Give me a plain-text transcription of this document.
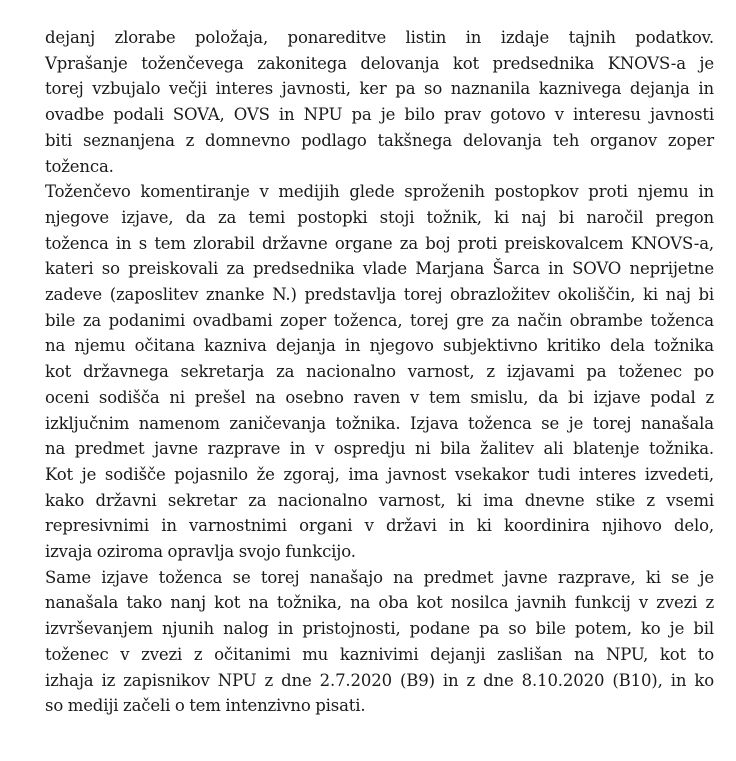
dejanj zlorabe položaja, ponareditve listin in izdaje tajnih podatkov.
Vprašanje toženčevega zakonitega delovanja kot predsednika KNOVS-a je
torej vzbujalo večji interes javnosti, ker pa so naznanila kaznivega dejanja in
ovadbe podali SOVA, OVS in NPU pa je bilo prav gotovo v interesu javnosti
biti seznanjena z domnevno podlago takšnega delovanja teh organov zoper
toženca.
Toženčevo komentiranje v medijih glede sproženih postopkov proti njemu in
njegove izjave, da za temi postopki stoji tožnik, ki naj bi naročil pregon
toženca in s tem zlorabil državne organe za boj proti preiskovalcem KNOVS-a,
kateri so preiskovali za predsednika vlade Marjana Šarca in SOVO neprijetne
zadeve (zaposlitev znanke N.) predstavlja torej obrazložitev okoliščin, ki naj bi
bile za podanimi ovadbami zoper toženca, torej gre za način obrambe toženca
na njemu očitana kazniva dejanja in njegovo subjektivno kritiko dela tožnika
kot državnega sekretarja za nacionalno varnost, z izjavami pa toženec po
oceni sodišča ni prešel na osebno raven v tem smislu, da bi izjave podal z
izključnim namenom zaničevanja tožnika. Izjava toženca se je torej nanašala
na predmet javne razprave in v ospredju ni bila žalitev ali blatenje tožnika.
Kot je sodišče pojasnilo že zgoraj, ima javnost vsekakor tudi interes izvedeti,
kako državni sekretar za nacionalno varnost, ki ima dnevne stike z vsemi
represivnimi in varnostnimi organi v državi in ki koordinira njihovo delo,
izvaja oziroma opravlja svojo funkcijo.
Same izjave toženca se torej nanašajo na predmet javne razprave, ki se je
nanašala tako nanj kot na tožnika, na oba kot nosilca javnih funkcij v zvezi z
izvrševanjem njunih nalog in pristojnosti, podane pa so bile potem, ko je bil
toženec v zvezi z očitanimi mu kaznivimi dejanji zaslišan na NPU, kot to
izhaja iz zapisnikov NPU z dne 2.7.2020 (B9) in z dne 8.10.2020 (B10), in ko
so mediji začeli o tem intenzivno pisati.
